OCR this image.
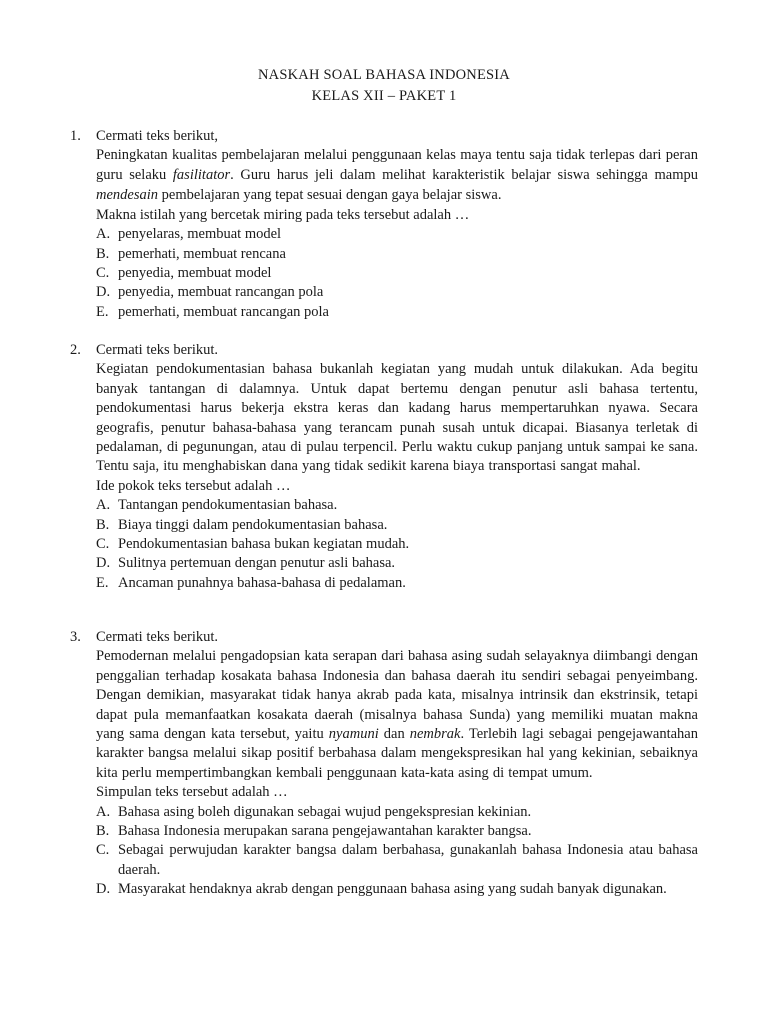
NASKAH SOAL BAHASA INDONESIA
KELAS XII – PAKET 1
1. Cermati teks berikut,
Peningkatan kualitas pembelajaran melalui penggunaan kelas maya tentu saja tidak terlepas dari peran guru selaku fasilitator. Guru harus jeli dalam melihat karakteristik belajar siswa sehingga mampu mendesain pembelajaran yang tepat sesuai dengan gaya belajar siswa.
Makna istilah yang bercetak miring pada teks tersebut adalah …
A. penyelaras, membuat model
B. pemerhati, membuat rencana
C. penyedia, membuat model
D. penyedia, membuat rancangan pola
E. pemerhati, membuat rancangan pola
2. Cermati teks berikut.
Kegiatan pendokumentasian bahasa bukanlah kegiatan yang mudah untuk dilakukan. Ada begitu banyak tantangan di dalamnya. Untuk dapat bertemu dengan penutur asli bahasa tertentu, pendokumentasi harus bekerja ekstra keras dan kadang harus mempertaruhkan nyawa. Secara geografis, penutur bahasa-bahasa yang terancam punah susah untuk dicapai. Biasanya terletak di pedalaman, di pegunungan, atau di pulau terpencil. Perlu waktu cukup panjang untuk sampai ke sana. Tentu saja, itu menghabiskan dana yang tidak sedikit karena biaya transportasi sangat mahal.
Ide pokok teks tersebut adalah …
A. Tantangan pendokumentasian bahasa.
B. Biaya tinggi dalam pendokumentasian bahasa.
C. Pendokumentasian bahasa bukan kegiatan mudah.
D. Sulitnya pertemuan dengan penutur asli bahasa.
E. Ancaman punahnya bahasa-bahasa di pedalaman.
3. Cermati teks berikut.
Pemodernan melalui pengadopsian kata serapan dari bahasa asing sudah selayaknya diimbangi dengan penggalian terhadap kosakata bahasa Indonesia dan bahasa daerah itu sendiri sebagai penyeimbang. Dengan demikian, masyarakat tidak hanya akrab pada kata, misalnya intrinsik dan ekstrinsik, tetapi dapat pula memanfaatkan kosakata daerah (misalnya bahasa Sunda) yang memiliki muatan makna yang sama dengan kata tersebut, yaitu nyamuni dan nembrak. Terlebih lagi sebagai pengejawantahan karakter bangsa melalui sikap positif berbahasa dalam mengekspresikan hal yang kekinian, sebaiknya kita perlu mempertimbangkan kembali penggunaan kata-kata asing di tempat umum.
Simpulan teks tersebut adalah …
A. Bahasa asing boleh digunakan sebagai wujud pengekspresian kekinian.
B. Bahasa Indonesia merupakan sarana pengejawantahan karakter bangsa.
C. Sebagai perwujudan karakter bangsa dalam berbahasa, gunakanlah bahasa Indonesia atau bahasa daerah.
D. Masyarakat hendaknya akrab dengan penggunaan bahasa asing yang sudah banyak digunakan.
